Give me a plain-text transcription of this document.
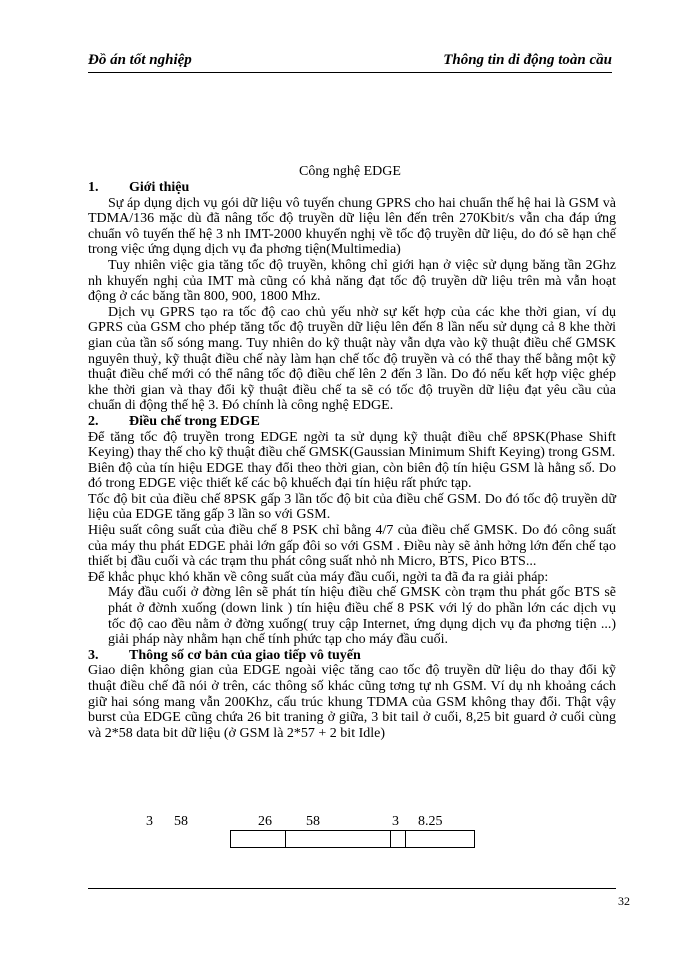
Đồ án tốt nghiệp	Thông tin di động toàn cầu
Công nghệ EDGE
1.	Giới thiệu
Sự áp dụng dịch vụ gói dữ liệu vô tuyến chung GPRS cho hai chuẩn thế hệ hai là GSM và TDMA/136 mặc dù đã nâng tốc độ truyền dữ liệu lên đến trên 270Kbit/s vẫn cha đáp ứng chuẩn vô tuyến thế hệ 3 nh IMT-2000 khuyến nghị về tốc độ truyền dữ liệu, do đó sẽ hạn chế trong việc ứng dụng dịch vụ đa phơng tiện(Multimedia)
Tuy nhiên việc gia tăng tốc độ truyền, không chỉ giới hạn ở việc sử dụng băng tần 2Ghz nh khuyến nghị của IMT mà cũng có khả năng đạt tốc độ truyền dữ liệu trên mà vẫn hoạt động ở các băng tần 800, 900, 1800 Mhz.
Dịch vụ GPRS tạo ra tốc độ cao chủ yếu nhờ sự kết hợp của các khe thời gian, ví dụ GPRS của GSM cho phép tăng tốc độ truyền dữ liệu lên đến 8 lần nếu sử dụng cả 8 khe thời gian của tần số sóng mang. Tuy nhiên do kỹ thuật này vẫn dựa vào kỹ thuật điều chế GMSK nguyên thuỷ, kỹ thuật điều chế này làm hạn chế tốc độ truyền và có thể thay thế bằng một kỹ thuật điều chế mới có thể nâng tốc độ điều chế lên 2 đến 3 lần. Do đó nếu kết hợp việc ghép khe thời gian và thay đổi kỹ thuật điều chế ta sẽ có tốc độ truyền dữ liệu đạt yêu cầu của chuẩn di động thế hệ 3. Đó chính là công nghệ EDGE.
2.	Điều chế trong EDGE
Để tăng tốc độ truyền trong EDGE ngời ta sử dụng kỹ thuật điều chế 8PSK(Phase Shift Keying) thay thế cho kỹ thuật điều chế GMSK(Gaussian Minimum Shift Keying) trong GSM.
Biên độ của tín hiệu EDGE thay đổi theo thời gian, còn biên độ tín hiệu GSM là hằng số. Do đó trong EDGE việc thiết kế các bộ khuếch đại tín hiệu rất phức tạp.
Tốc độ bit của điều chế 8PSK gấp 3 lần tốc độ bit của điều chế GSM. Do đó tốc độ truyền dữ liệu của EDGE tăng gấp 3 lần so với GSM.
Hiệu suất công suất của điều chế 8 PSK chỉ bằng 4/7 của điều chế GMSK. Do đó công suất của máy thu phát EDGE phải lớn gấp đôi so với GSM . Điều này sẽ ảnh hởng lớn đến chế tạo thiết bị đầu cuối và các trạm thu phát công suất nhỏ nh Micro, BTS, Pico BTS...
Để khắc phục khó khăn về công suất của máy đầu cuối, ngời ta đã đa ra giải pháp:
Máy đầu cuối ở đờng lên sẽ phát tín hiệu điều chế GMSK còn trạm thu phát gốc BTS sẽ phát ở đờnh xuống (down link ) tín hiệu điều chế 8 PSK với lý do phần lớn các dịch vụ tốc độ cao đều nằm ở đờng xuống( truy cập Internet, ứng dụng dịch vụ đa phơng tiện ...) giải pháp này nhằm hạn chế tính phức tạp cho máy đầu cuối.
3.	Thông số cơ bản của giao tiếp vô tuyến
Giao diện không gian của EDGE ngoài việc tăng cao tốc độ truyền dữ liệu do thay đổi kỹ thuật điều chế đã nói ở trên, các thông số khác cũng tơng tự nh GSM. Ví dụ nh khoảng cách giữ hai sóng mang vẫn 200Khz, cấu trúc khung TDMA của GSM không thay đổi. Thật vậy burst của EDGE cũng chứa 26 bit traning ở giữa, 3 bit tail ở cuối, 8,25 bit guard ở cuối cùng và 2*58 data bit dữ liệu (ở GSM là 2*57 + 2 bit Idle)
3 58	26 58	3 8.25
32
